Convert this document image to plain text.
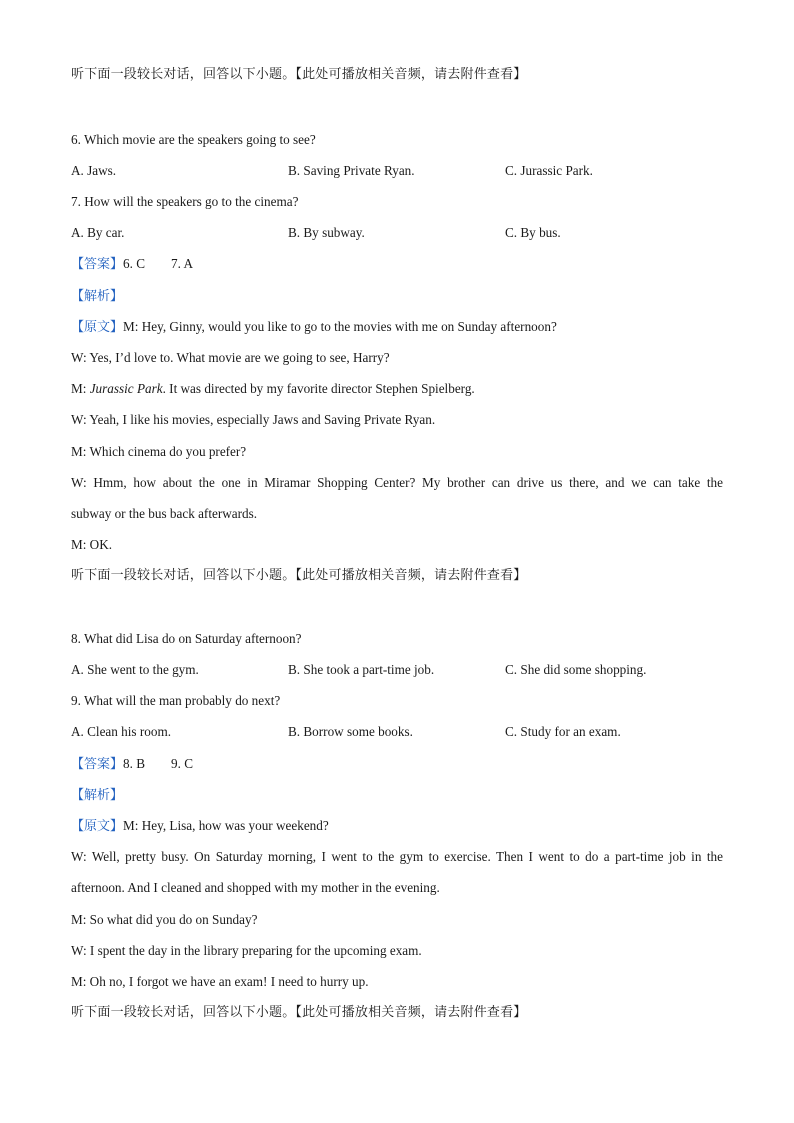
听下面一段较长对话，回答以下小题。【此处可播放相关音频，请去附件查看】
6. Which movie are the speakers going to see?
A. Jaws.	B. Saving Private Ryan.	C. Jurassic Park.
7. How will the speakers go to the cinema?
A. By car.	B. By subway.	C. By bus.
【答案】6. C 7. A
【解析】
【原文】M: Hey, Ginny, would you like to go to the movies with me on Sunday afternoon?
W: Yes, I’d love to. What movie are we going to see, Harry?
M: Jurassic Park. It was directed by my favorite director Stephen Spielberg.
W: Yeah, I like his movies, especially Jaws and Saving Private Ryan.
M: Which cinema do you prefer?
W: Hmm, how about the one in Miramar Shopping Center? My brother can drive us there, and we can take the
subway or the bus back afterwards.
M: OK.
听下面一段较长对话，回答以下小题。【此处可播放相关音频，请去附件查看】
8. What did Lisa do on Saturday afternoon?
A. She went to the gym.	B. She took a part-time job.	C. She did some shopping.
9. What will the man probably do next?
A. Clean his room.	B. Borrow some books.	C. Study for an exam.
【答案】8. B 9. C
【解析】
【原文】M: Hey, Lisa, how was your weekend?
W: Well, pretty busy. On Saturday morning, I went to the gym to exercise. Then I went to do a part-time job in the
afternoon. And I cleaned and shopped with my mother in the evening.
M: So what did you do on Sunday?
W: I spent the day in the library preparing for the upcoming exam.
M: Oh no, I forgot we have an exam! I need to hurry up.
听下面一段较长对话，回答以下小题。【此处可播放相关音频，请去附件查看】
